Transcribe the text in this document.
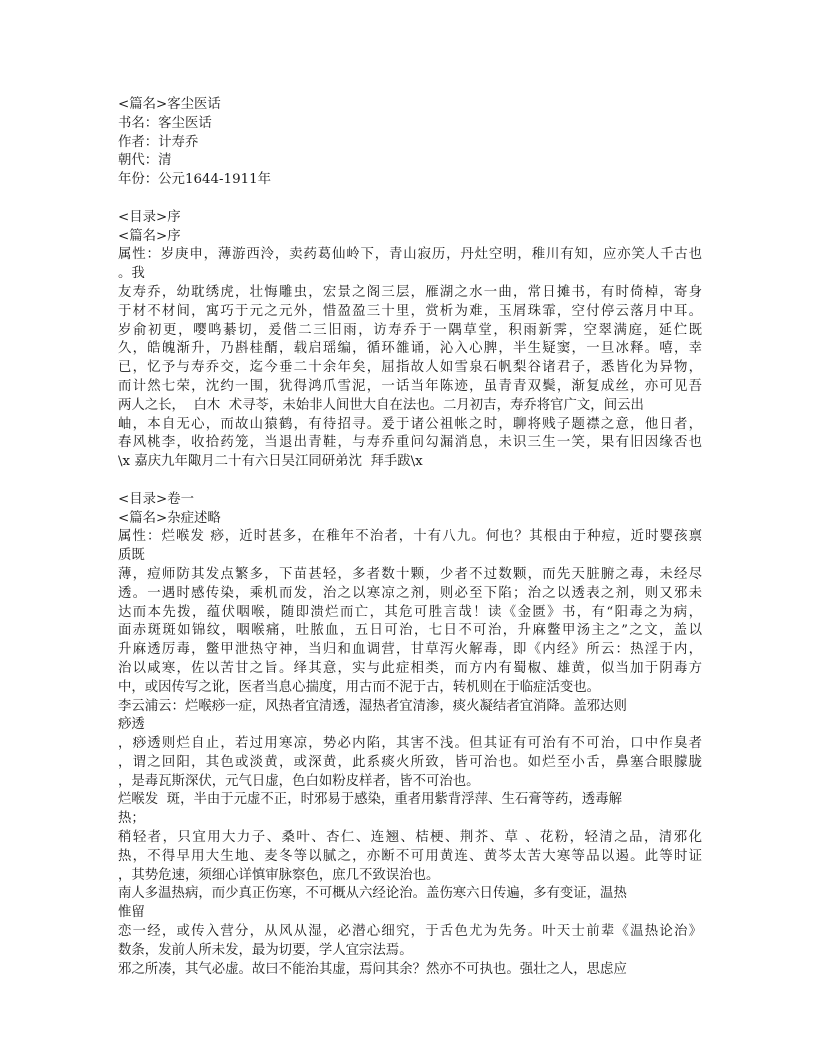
<篇名>客尘医话
书名：客尘医话
作者：计寿乔
朝代：清
年份：公元1644-1911年
<目录>序
<篇名>序
属性：岁庚申，薄游西泠，卖药葛仙岭下，青山寂历，丹灶空明，稚川有知，应亦笑人千古也
。我
友寿乔，幼耽绣虎，壮悔雕虫，宏景之阁三层，雁湖之水一曲，常日摊书，有时倚棹，寄身
于材不材间，寓巧于元之元外，惜盈盈三十里，赏析为难，玉屑珠霏，空付停云落月中耳。
岁俞初更，嘤鸣綦切，爰偕二三旧雨，访寿乔于一隅草堂，积雨新霁，空翠满庭，延伫既
久，皓魄渐升，乃斟桂醑，载启瑶编，循环雒诵，沁入心脾，半生疑窦，一旦冰释。嘻，幸
已，忆予与寿乔交，迄今垂二十余年矣，屈指故人如雪泉石帆梨谷诸君子，悉皆化为异物，
而计然七荣，沈约一围，犹得鸿爪雪泥，一话当年陈迹，虽青青双鬓，渐复成丝，亦可见吾
两人之长，  白木  术寻苓，未始非人间世大自在法也。二月初吉，寿乔将官广文，间云出
岫，本自无心，而故山猿鹤，有待招寻。爰于诸公祖帐之时，聊将贱子题襟之意，他日者，
春风桃李，收拾药笼，当退出青鞋，与寿乔重问勾漏消息，未识三生一笑，果有旧因缘否也
\x 嘉庆九年陬月二十有六日吴江同研弟沈  拜手跋\x
<目录>卷一
<篇名>杂症述略
属性：烂喉发 痧，近时甚多，在稚年不治者，十有八九。何也？其根由于种痘，近时婴孩禀
质既
薄，痘师防其发点繁多，下苗甚轻，多者数十颗，少者不过数颗，而先天脏腑之毒，未经尽
透。一遇时感传染，乘机而发，治之以寒凉之剂，则必至下陷；治之以透表之剂，则又邪未
达而本先拨，蕴伏咽喉，随即溃烂而亡，其危可胜言哉！读《金匮》书，有“阳毒之为病，
面赤斑斑如锦纹，咽喉痛，吐脓血，五日可治，七日不可治，升麻鳖甲汤主之”之文，盖以
升麻透厉毒，鳖甲泄热守神，当归和血调营，甘草泻火解毒，即《内经》所云：热淫于内，
治以咸寒，佐以苦甘之旨。绎其意，实与此症相类，而方内有蜀椒、雄黄，似当加于阴毒方
中，或因传写之讹，医者当息心揣度，用古而不泥于古，转机则在于临症活变也。
李云浦云：烂喉痧一症，风热者宜清透，湿热者宜清渗，痰火凝结者宜消降。盖邪达则
痧透
，痧透则烂自止，若过用寒凉，势必内陷，其害不浅。但其证有可治有不可治，口中作臭者
，谓之回阳，其色或淡黄，或深黄，此系痰火所致，皆可治也。如烂至小舌，鼻塞合眼朦胧
，是毒瓦斯深伏，元气日虚，色白如粉皮样者，皆不可治也。
烂喉发  斑，半由于元虚不正，时邪易于感染，重者用紫背浮萍、生石膏等药，透毒解
热；
稍轻者，只宜用大力子、桑叶、杏仁、连翘、桔梗、荆芥、草 、花粉，轻清之品，清邪化
热，不得早用大生地、麦冬等以腻之，亦断不可用黄连、黄芩太苦大寒等品以遏。此等时证
，其势危速，须细心详慎审脉察色，庶几不致误治也。
南人多温热病，而少真正伤寒，不可概从六经论治。盖伤寒六日传遍，多有变证，温热
惟留
恋一经，或传入营分，从风从湿，必潜心细究，于舌色尤为先务。叶天士前辈《温热论治》
数条，发前人所未发，最为切要，学人宜宗法焉。
邪之所凑，其气必虚。故曰不能治其虚，焉问其余？然亦不可执也。强壮之人，思虑应
